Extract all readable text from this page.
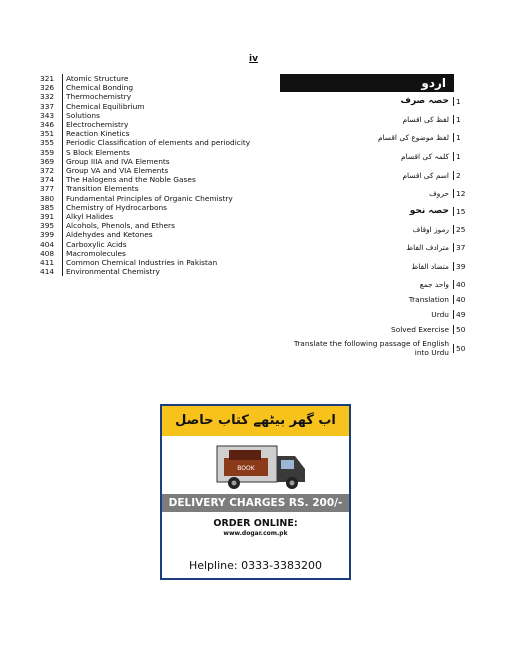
iv
321	Atomic Structure
326	Chemical Bonding
332	Thermochemistry
337	Chemical Equilibrium
343	Solutions
346	Electrochemistry
351	Reaction Kinetics
355	Periodic Classification of elements and periodicity
359	S Block Elements
369	Group IIIA and IVA Elements
372	Group VA and VIA Elements
374	The Halogens and the Noble Gases
377	Transition Elements
380	Fundamental Principles of Organic Chemistry
385	Chemistry of Hydrocarbons
391	Alkyl Halides
395	Alcohols, Phenols, and Ethers
399	Aldehydes and Ketones
404	Carboxylic Acids
408	Macromolecules
411	Common Chemical Industries in Pakistan
414	Environmental Chemistry
اردو
حصہ صرف 1
لفظ کی اقسام 1
لفظ موضوع کی اقسام 1
کلمہ کی اقسام 1
اسم کی اقسام 2
حروف 12
حصہ نحو 15
رموز اوقاف 25
مترادف الفاظ 37
متضاد الفاظ 39
واحد جمع 40
Translation 40
Urdu 49
Solved Exercise 50
Translate the following passage of English into Urdu 50
اب گھر بیٹھے کتاب حاصل
BOOK
DELIVERY CHARGES RS. 200/-
ORDER ONLINE:
www.dogar.com.pk
Helpline: 0333-3383200
